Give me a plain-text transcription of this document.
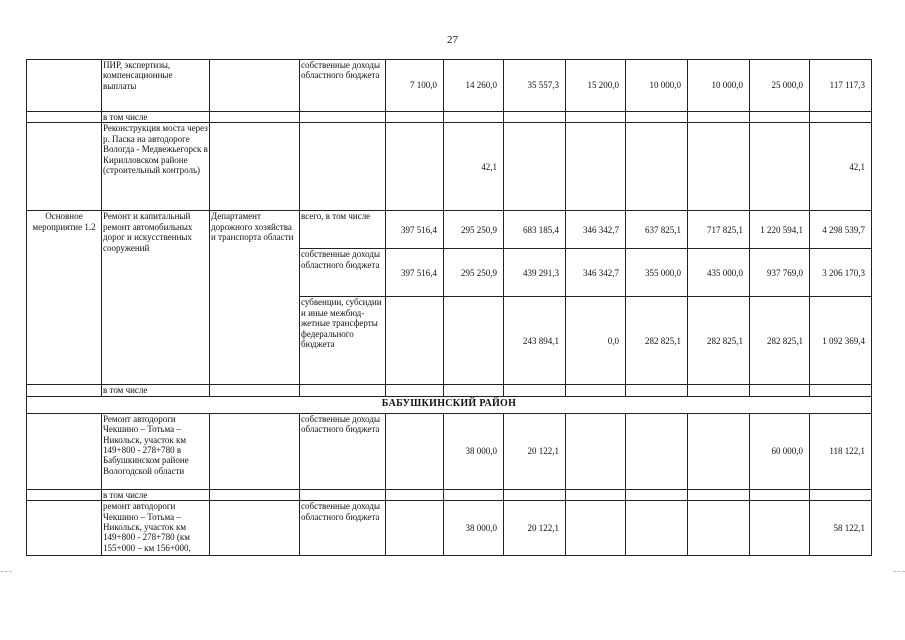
27
	ПИР, экспертизы, компенсационные выплаты		собственные доходы областного бюджета	7 100,0	14 260,0	35 557,3	15 200,0	10 000,0	10 000,0	25 000,0	117 117,3
	в том числе										
	Реконструкция моста через р. Паска на автодороге Вологда - Медвежьегорск в Кирилловском районе (строительный контроль)				42,1						42,1
Основное мероприятие 1.2	Ремонт и капитальный ремонт автомобильных дорог и искусственных сооружений	Департамент дорожного хозяйства и транспорта области	всего, в том числе	397 516,4	295 250,9	683 185,4	346 342,7	637 825,1	717 825,1	1 220 594,1	4 298 539,7
			собственные доходы областного бюджета	397 516,4	295 250,9	439 291,3	346 342,7	355 000,0	435 000,0	937 769,0	3 206 170,3
			субвенции, субсидии и иные межбюд- жетные трансферты федерального бюджета			243 894,1	0,0	282 825,1	282 825,1	282 825,1	1 092 369,4
	в том числе										
БАБУШКИНСКИЙ РАЙОН											
	Ремонт автодороги Чекшино – Тотьма – Никольск, участок км 149+800 - 278+780 в Бабушкинском районе Вологодской области		собственные доходы областного бюджета		38 000,0	20 122,1				60 000,0	118 122,1
	в том числе										
	ремонт автодороги Чекшино – Тотьма – Никольск, участок км 149+800 - 278+780 (км 155+000 – км 156+000,		собственные доходы областного бюджета		38 000,0	20 122,1					58 122,1
